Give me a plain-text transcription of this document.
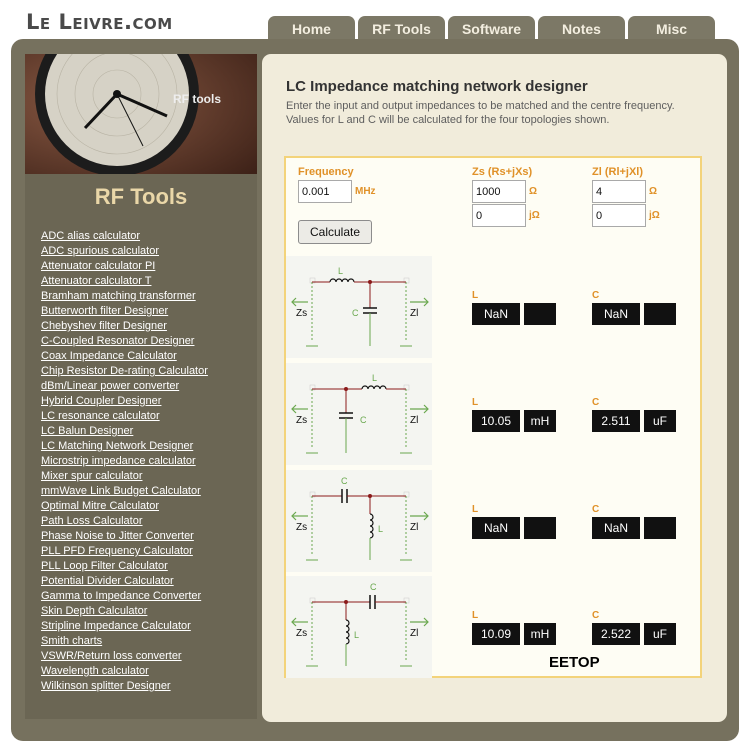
Le Leivre.com	Home	RF Tools	Software	Notes	Misc
RF tools
RF Tools
ADC alias calculator
ADC spurious calculator
Attenuator calculator PI
Attenuator calculator T
Bramham matching transformer
Butterworth filter Designer
Chebyshev filter Designer
C-Coupled Resonator Designer
Coax Impedance Calculator
Chip Resistor De-rating Calculator
dBm/Linear power converter
Hybrid Coupler Designer
LC resonance calculator
LC Balun Designer
LC Matching Network Designer
Microstrip impedance calculator
Mixer spur calculator
mmWave Link Budget Calculator
Optimal Mitre Calculator
Path Loss Calculator
Phase Noise to Jitter Converter
PLL PFD Frequency Calculator
PLL Loop Filter Calculator
Potential Divider Calculator
Gamma to Impedance Converter
Skin Depth Calculator
Stripline Impedance Calculator
Smith charts
VSWR/Return loss converter
Wavelength calculator
Wilkinson splitter Designer
LC Impedance matching network designer
Enter the input and output impedances to be matched and the centre frequency. Values for L and C will be calculated for the four topologies shown.
Frequency
0.001
MHz
Zs (Rs+jXs)
1000
Ω
0
jΩ
Zl (Rl+jXl)
4
Ω
0
jΩ
Calculate
Zs	Zl
L
C
L
NaN
C
NaN
Zs	Zl
L
C
L
10.05	mH
C
2.511	uF
Zs	Zl
C
L
L
NaN
C
NaN
Zs	Zl
C
L
L
10.09	mH
C
2.522	uF
EETOP
